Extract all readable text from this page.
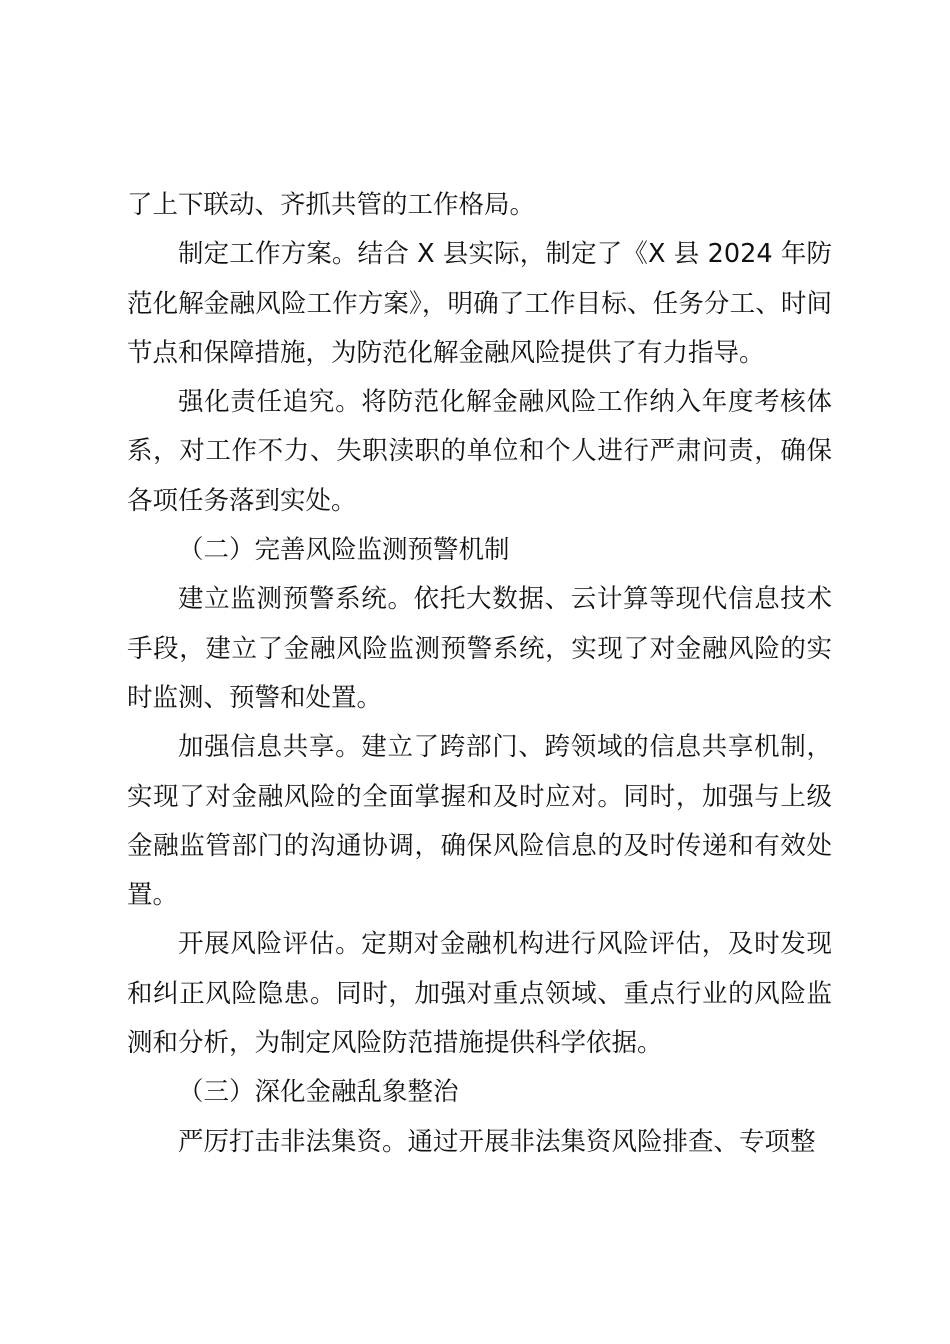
了上下联动、齐抓共管的工作格局。

制定工作方案。结合 X 县实际，制定了《X 县 2024 年防范化解金融风险工作方案》，明确了工作目标、任务分工、时间节点和保障措施，为防范化解金融风险提供了有力指导。

强化责任追究。将防范化解金融风险工作纳入年度考核体系，对工作不力、失职渎职的单位和个人进行严肃问责，确保各项任务落到实处。

（二）完善风险监测预警机制

建立监测预警系统。依托大数据、云计算等现代信息技术手段，建立了金融风险监测预警系统，实现了对金融风险的实时监测、预警和处置。

加强信息共享。建立了跨部门、跨领域的信息共享机制，实现了对金融风险的全面掌握和及时应对。同时，加强与上级金融监管部门的沟通协调，确保风险信息的及时传递和有效处置。

开展风险评估。定期对金融机构进行风险评估，及时发现和纠正风险隐患。同时，加强对重点领域、重点行业的风险监测和分析，为制定风险防范措施提供科学依据。

（三）深化金融乱象整治

严厉打击非法集资。通过开展非法集资风险排查、专项整
